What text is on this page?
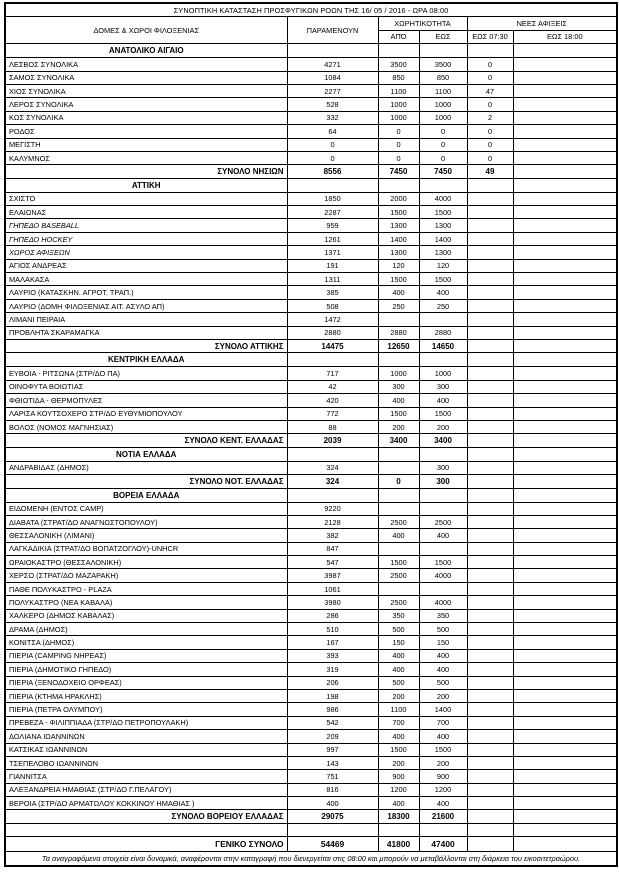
ΣΥΝΟΠΤΙΚΗ ΚΑΤΑΣΤΑΣΗ ΠΡΟΣΦΥΓΙΚΩΝ ΡΟΩΝ ΤΗΣ 16/ 05 / 2016 - ΩΡΑ 08:00					
ΔΟΜΕΣ & ΧΩΡΟΙ ΦΙΛΟΞΕΝΙΑΣ	ΠΑΡΑΜΕΝΟΥΝ	ΧΩΡΗΤΙΚΟΤΗΤΑ		ΝΕΕΣ ΑΦΙΞΕΙΣ	
		ΑΠΌ	ΕΩΣ	ΕΩΣ 07:30	ΕΩΣ 18:00
ΑΝΑΤΟΛΙΚΟ ΑΙΓΑΙΟ					
ΛΕΣΒΟΣ ΣΥΝΟΛΙΚΑ	4271	3500	3500	0	
ΣΑΜΟΣ ΣΥΝΟΛΙΚΑ	1084	850	850	0	
ΧΙΟΣ ΣΥΝΟΛΙΚΑ	2277	1100	1100	47	
ΛΕΡΟΣ ΣΥΝΟΛΙΚΑ	528	1000	1000	0	
ΚΩΣ ΣΥΝΟΛΙΚΑ	332	1000	1000	2	
ΡΟΔΟΣ	64	0	0	0	
ΜΕΓΙΣΤΗ	0	0	0	0	
ΚΑΛΥΜΝΟΣ	0	0	0	0	
ΣΥΝΟΛΟ ΝΗΣΙΩΝ	8556	7450	7450	49	
ΑΤΤΙΚΗ					
ΣΧΙΣΤΟ	1850	2000	4000		
ΕΛΑΙΩΝΑΣ	2287	1500	1500		
ΓΗΠΕΔΟ BASEBALL	959	1300	1300		
ΓΗΠΕΔΟ HOCKEY	1261	1400	1400		
ΧΩΡΟΣ ΑΦΙΞΕΩΝ	1371	1300	1300		
ΑΓΙΟΣ ΑΝΔΡΕΑΣ	191	120	120		
ΜΑΛΑΚΑΣΑ	1311	1500	1500		
ΛΑΥΡΙΟ (ΚΑΤΑΣΚΗΝ. ΑΓΡΟΤ. ΤΡΑΠ.)	385	400	400		
ΛΑΥΡΙΟ (ΔΟΜΗ ΦΙΛΟΞΕΝΙΑΣ ΑΙΤ. ΑΣΥΛΟ ΑΠ)	508	250	250		
ΛΙΜΑΝΙ ΠΕΙΡΑΙΑ	1472				
ΠΡΟΒΛΗΤΑ ΣΚΑΡΑΜΑΓΚΑ	2880	2880	2880		
ΣΥΝΟΛΟ ΑΤΤΙΚΗΣ	14475	12650	14650		
ΚΕΝΤΡΙΚΗ ΕΛΛΑΔΑ					
ΕΥΒΟΙΑ - ΡΙΤΣΩΝΑ (ΣΤΡ/ΔΟ ΠΑ)	717	1000	1000		
ΟΙΝΟΦΥΤΑ ΒΟΙΩΤΙΑΣ	42	300	300		
ΦΘΙΩΤΙΔΑ - ΘΕΡΜΟΠΥΛΕΣ	420	400	400		
ΛΑΡΙΣΑ ΚΟΥΤΣΟΧΕΡΟ ΣΤΡ/ΔΟ ΕΥΘΥΜΙΟΠΟΥΛΟΥ	772	1500	1500		
ΒΟΛΟΣ (ΝΟΜΟΣ ΜΑΓΝΗΣΙΑΣ)	88	200	200		
ΣΥΝΟΛΟ ΚΕΝΤ. ΕΛΛΑΔΑΣ	2039	3400	3400		
ΝΟΤΙΑ ΕΛΛΑΔΑ					
ΑΝΔΡΑΒΙΔΑΣ (ΔΗΜΟΣ)	324		300		
ΣΥΝΟΛΟ ΝΟΤ. ΕΛΛΑΔΑΣ	324	0	300		
ΒΟΡΕΙΑ ΕΛΛΑΔΑ					
ΕΙΔΟΜΕΝΗ (ΕΝΤΟΣ CAMP)	9220				
ΔΙΑΒΑΤΑ (ΣΤΡΑΤ/ΔΟ ΑΝΑΓΝΩΣΤΟΠΟΥΛΟΥ)	2128	2500	2500		
ΘΕΣΣΑΛΟΝΙΚΗ (ΛΙΜΑΝΙ)	382	400	400		
ΛΑΓΚΑΔΙΚΙΑ (ΣΤΡΑΤ/ΔΟ ΒΟΠΑΤΖΟΓΛΟΥ)-UNHCR	847				
ΩΡΑΙΟΚΑΣΤΡΟ (ΘΕΣΣΑΛΟΝΙΚΗ)	547	1500	1500		
ΧΕΡΣΟ (ΣΤΡΑΤ/ΔΟ ΜΑΖΑΡΑΚΗ)	3987	2500	4000		
ΠΑΘΕ ΠΟΛΥΚΑΣΤΡΟ - PLAZA	1061				
ΠΟΛΥΚΑΣΤΡΟ (ΝΕΑ ΚΑΒΑΛΑ)	3980	2500	4000		
ΧΑΛΚΕΡΟ (ΔΗΜΟΣ ΚΑΒΑΛΑΣ)	286	350	350		
ΔΡΑΜΑ (ΔΗΜΟΣ)	510	500	500		
ΚΟΝΙΤΣΑ (ΔΗΜΟΣ)	167	150	150		
ΠΙΕΡΙΑ (CAMPING ΝΗΡΕΑΣ)	393	400	400		
ΠΙΕΡΙΑ (ΔΗΜΟΤΙΚΟ ΓΗΠΕΔΟ)	319	400	400		
ΠΙΕΡΙΑ (ΞΕΝΟΔΟΧΕΙΟ ΟΡΦΕΑΣ)	206	500	500		
ΠΙΕΡΙΑ (ΚΤΗΜΑ ΗΡΑΚΛΗΣ)	198	200	200		
ΠΙΕΡΙΑ (ΠΕΤΡΑ ΟΛΥΜΠΟΥ)	986	1100	1400		
ΠΡΕΒΕΖΑ - ΦΙΛΙΠΠΙΑΔΑ (ΣΤΡ/ΔΟ ΠΕΤΡΟΠΟΥΛΑΚΗ)	542	700	700		
ΔΟΛΙΑΝΑ ΙΩΑΝΝΙΝΩΝ	209	400	400		
ΚΑΤΣΙΚΑΣ ΙΩΑΝΝΙΝΩΝ	997	1500	1500		
ΤΣΕΠΕΛΟΒΟ ΙΩΑΝΝΙΝΩΝ	143	200	200		
ΓΙΑΝΝΙΤΣΑ	751	900	900		
ΑΛΕΞΑΝΔΡΕΙΑ ΗΜΑΘΙΑΣ (ΣΤΡ/ΔΟ Γ.ΠΕΛΑΓΟΥ)	816	1200	1200		
ΒΕΡΟΙΑ (ΣΤΡ/ΔΟ ΑΡΜΑΤΩΛΟΥ ΚΟΚΚΙΝΟΥ ΗΜΑΘΙΑΣ )	400	400	400		
ΣΥΝΟΛΟ ΒΟΡΕΙΟΥ ΕΛΛΑΔΑΣ	29075	18300	21600		

ΓΕΝΙΚΟ ΣΥΝΟΛΟ	54469	41800	47400		
Τα αναγραφόμενα στοιχεία είναι δυναμικά, αναφέρονται στην καταγραφή που διενεργείται στις 08:00 και μπορούν να μεταβάλλονται στη διάρκεια του εικοσιτετραώρου.					
